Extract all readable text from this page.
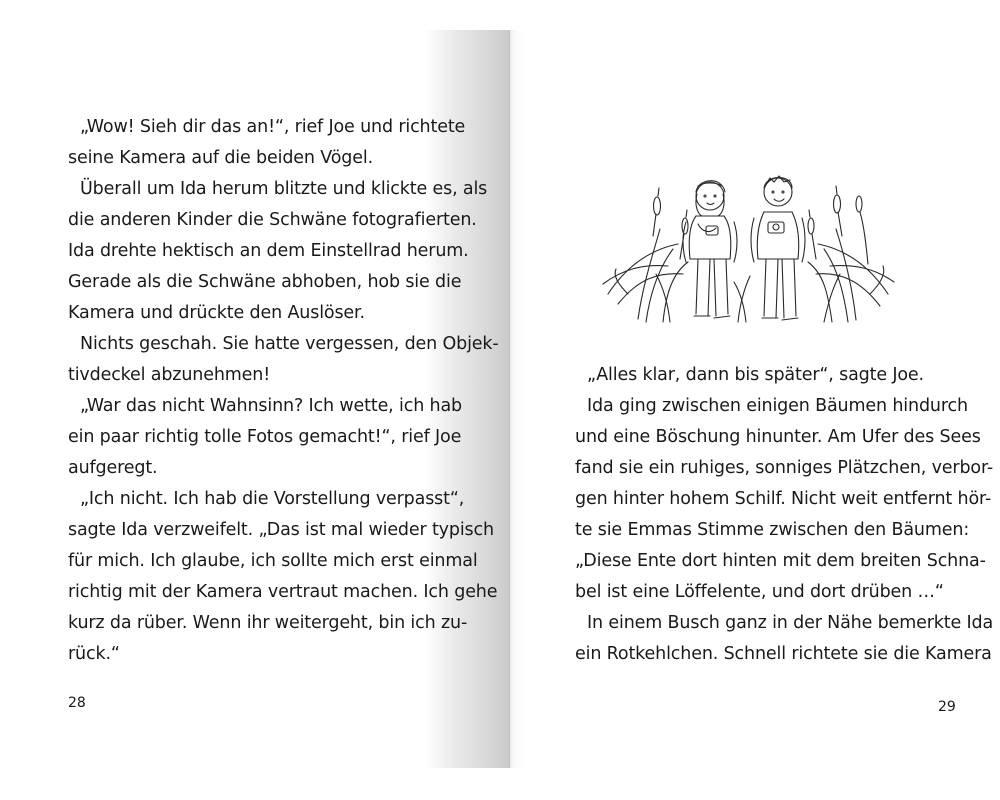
„Wow! Sieh dir das an!“, rief Joe und richtete
seine Kamera auf die beiden Vögel.
Überall um Ida herum blitzte und klickte es, als
die anderen Kinder die Schwäne fotografierten.
Ida drehte hektisch an dem Einstellrad herum.
Gerade als die Schwäne abhoben, hob sie die
Kamera und drückte den Auslöser.
Nichts geschah. Sie hatte vergessen, den Objek-
tivdeckel abzunehmen!
„War das nicht Wahnsinn? Ich wette, ich hab
ein paar richtig tolle Fotos gemacht!“, rief Joe
aufgeregt.
„Ich nicht. Ich hab die Vorstellung verpasst“,
sagte Ida verzweifelt. „Das ist mal wieder typisch
für mich. Ich glaube, ich sollte mich erst einmal
richtig mit der Kamera vertraut machen. Ich gehe
kurz da rüber. Wenn ihr weitergeht, bin ich zu-
rück.“
28
„Alles klar, dann bis später“, sagte Joe.
Ida ging zwischen einigen Bäumen hindurch
und eine Böschung hinunter. Am Ufer des Sees
fand sie ein ruhiges, sonniges Plätzchen, verbor-
gen hinter hohem Schilf. Nicht weit entfernt hör-
te sie Emmas Stimme zwischen den Bäumen:
„Diese Ente dort hinten mit dem breiten Schna-
bel ist eine Löffelente, und dort drüben …“
In einem Busch ganz in der Nähe bemerkte Ida
ein Rotkehlchen. Schnell richtete sie die Kamera
29
